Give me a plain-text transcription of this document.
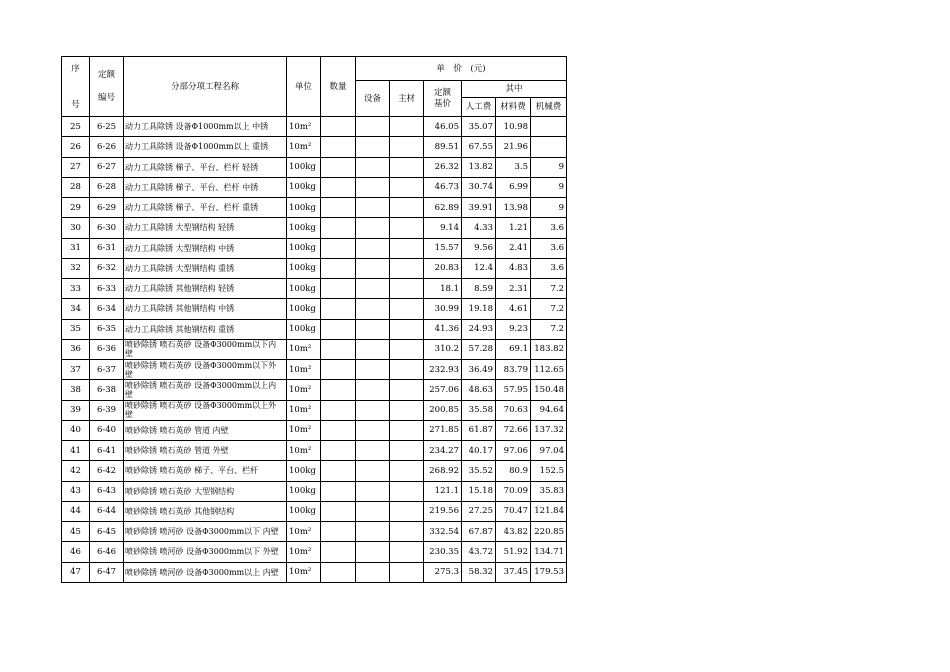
序
号	定额
编号	分部分项工程名称	单位	数量	单　价　(元)					
					设备	主材	定额
基价	其中		
								人工费	材料费	机械费
25	6-25	动力工具除锈 设备Φ1000mm以上 中锈	10m²				46.05	35.07	10.98	
26	6-26	动力工具除锈 设备Φ1000mm以上 重锈	10m²				89.51	67.55	21.96	
27	6-27	动力工具除锈 梯子、平台、栏杆 轻锈	100kg				26.32	13.82	3.5	9
28	6-28	动力工具除锈 梯子、平台、栏杆 中锈	100kg				46.73	30.74	6.99	9
29	6-29	动力工具除锈 梯子、平台、栏杆 重锈	100kg				62.89	39.91	13.98	9
30	6-30	动力工具除锈 大型钢结构 轻锈	100kg				9.14	4.33	1.21	3.6
31	6-31	动力工具除锈 大型钢结构 中锈	100kg				15.57	9.56	2.41	3.6
32	6-32	动力工具除锈 大型钢结构 重锈	100kg				20.83	12.4	4.83	3.6
33	6-33	动力工具除锈 其他钢结构 轻锈	100kg				18.1	8.59	2.31	7.2
34	6-34	动力工具除锈 其他钢结构 中锈	100kg				30.99	19.18	4.61	7.2
35	6-35	动力工具除锈 其他钢结构 重锈	100kg				41.36	24.93	9.23	7.2
36	6-36	喷砂除锈 喷石英砂 设备Φ3000mm以下内壁	10m²				310.2	57.28	69.1	183.82
37	6-37	喷砂除锈 喷石英砂 设备Φ3000mm以下外壁	10m²				232.93	36.49	83.79	112.65
38	6-38	喷砂除锈 喷石英砂 设备Φ3000mm以上内壁	10m²				257.06	48.63	57.95	150.48
39	6-39	喷砂除锈 喷石英砂 设备Φ3000mm以上外壁	10m²				200.85	35.58	70.63	94.64
40	6-40	喷砂除锈 喷石英砂 管道 内壁	10m²				271.85	61.87	72.66	137.32
41	6-41	喷砂除锈 喷石英砂 管道 外壁	10m²				234.27	40.17	97.06	97.04
42	6-42	喷砂除锈 喷石英砂 梯子、平台、栏杆	100kg				268.92	35.52	80.9	152.5
43	6-43	喷砂除锈 喷石英砂 大型钢结构	100kg				121.1	15.18	70.09	35.83
44	6-44	喷砂除锈 喷石英砂 其他钢结构	100kg				219.56	27.25	70.47	121.84
45	6-45	喷砂除锈 喷河砂 设备Φ3000mm以下 内壁	10m²				332.54	67.87	43.82	220.85
46	6-46	喷砂除锈 喷河砂 设备Φ3000mm以下 外壁	10m²				230.35	43.72	51.92	134.71
47	6-47	喷砂除锈 喷河砂 设备Φ3000mm以上 内壁	10m²				275.3	58.32	37.45	179.53
